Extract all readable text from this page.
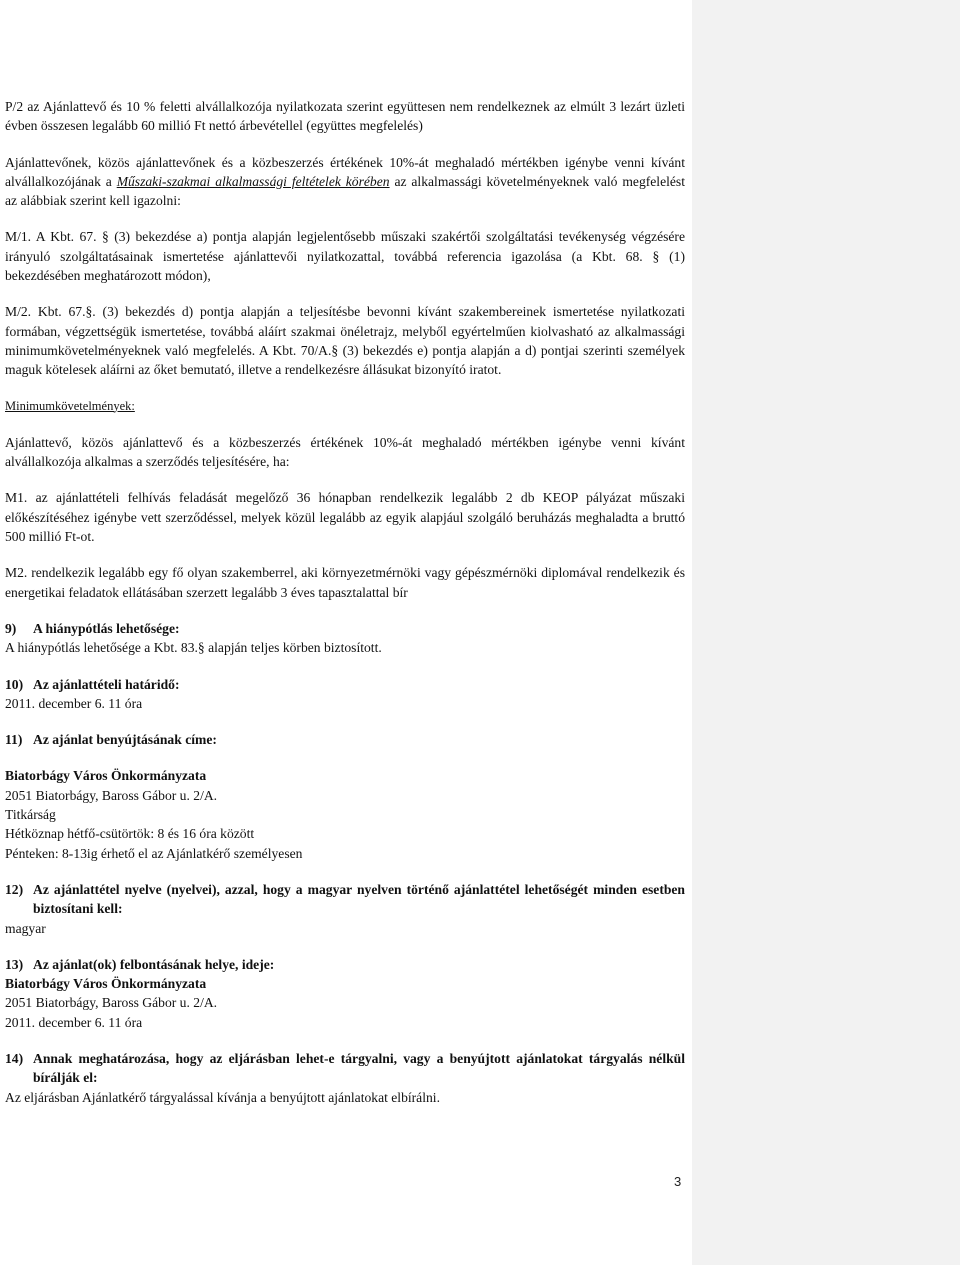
P/2 az Ajánlattevő és 10 % feletti alvállalkozója nyilatkozata szerint együttesen nem rendelkeznek az elmúlt 3 lezárt üzleti évben összesen legalább 60 millió Ft nettó árbevétellel (együttes megfelelés)

Ajánlattevőnek, közös ajánlattevőnek és a közbeszerzés értékének 10%-át meghaladó mértékben igénybe venni kívánt alvállalkozójának a Műszaki-szakmai alkalmassági feltételek körében az alkalmassági követelményeknek való megfelelést az alábbiak szerint kell igazolni:

M/1. A Kbt. 67. § (3) bekezdése a) pontja alapján legjelentősebb műszaki szakértői szolgáltatási tevékenység végzésére irányuló szolgáltatásainak ismertetése ajánlattevői nyilatkozattal, továbbá referencia igazolása (a Kbt. 68. § (1) bekezdésében meghatározott módon),

M/2. Kbt. 67.§. (3) bekezdés d) pontja alapján a teljesítésbe bevonni kívánt szakembereinek ismertetése nyilatkozati formában, végzettségük ismertetése, továbbá aláírt szakmai önéletrajz, melyből egyértelműen kiolvasható az alkalmassági minimumkövetelményeknek való megfelelés. A Kbt. 70/A.§ (3) bekezdés e) pontja alapján a d) pontjai szerinti személyek maguk kötelesek aláírni az őket bemutató, illetve a rendelkezésre állásukat bizonyító iratot.

Minimumkövetelmények:

Ajánlattevő, közös ajánlattevő és a közbeszerzés értékének 10%-át meghaladó mértékben igénybe venni kívánt alvállalkozója alkalmas a szerződés teljesítésére, ha:

M1. az ajánlattételi felhívás feladását megelőző 36 hónapban rendelkezik legalább 2 db KEOP pályázat műszaki előkészítéséhez igénybe vett szerződéssel, melyek közül legalább az egyik alapjául szolgáló beruházás meghaladta a bruttó 500 millió Ft-ot.

M2. rendelkezik legalább egy fő olyan szakemberrel, aki környezetmérnöki vagy gépészmérnöki diplomával rendelkezik és energetikai feladatok ellátásában szerzett legalább 3 éves tapasztalattal bír

9)	A hiánypótlás lehetősége:

A hiánypótlás lehetősége a Kbt. 83.§ alapján teljes körben biztosított.

10) Az ajánlattételi határidő:

2011. december 6. 11 óra

11) Az ajánlat benyújtásának címe:

Biatorbágy Város Önkormányzata

2051 Biatorbágy, Baross Gábor u. 2/A.

Titkárság

Hétköznap hétfő-csütörtök: 8 és 16 óra között

Pénteken: 8-13ig érhető el az Ajánlatkérő személyesen

12) Az ajánlattétel nyelve (nyelvei), azzal, hogy a magyar nyelven történő ajánlattétel lehetőségét minden esetben biztosítani kell:

magyar

13) Az ajánlat(ok) felbontásának helye, ideje:

Biatorbágy Város Önkormányzata

2051 Biatorbágy, Baross Gábor u. 2/A.

2011. december 6. 11 óra

14) Annak meghatározása, hogy az eljárásban lehet-e tárgyalni, vagy a benyújtott ajánlatokat tárgyalás nélkül bírálják el:

Az eljárásban Ajánlatkérő tárgyalással kívánja a benyújtott ajánlatokat elbírálni.

3
